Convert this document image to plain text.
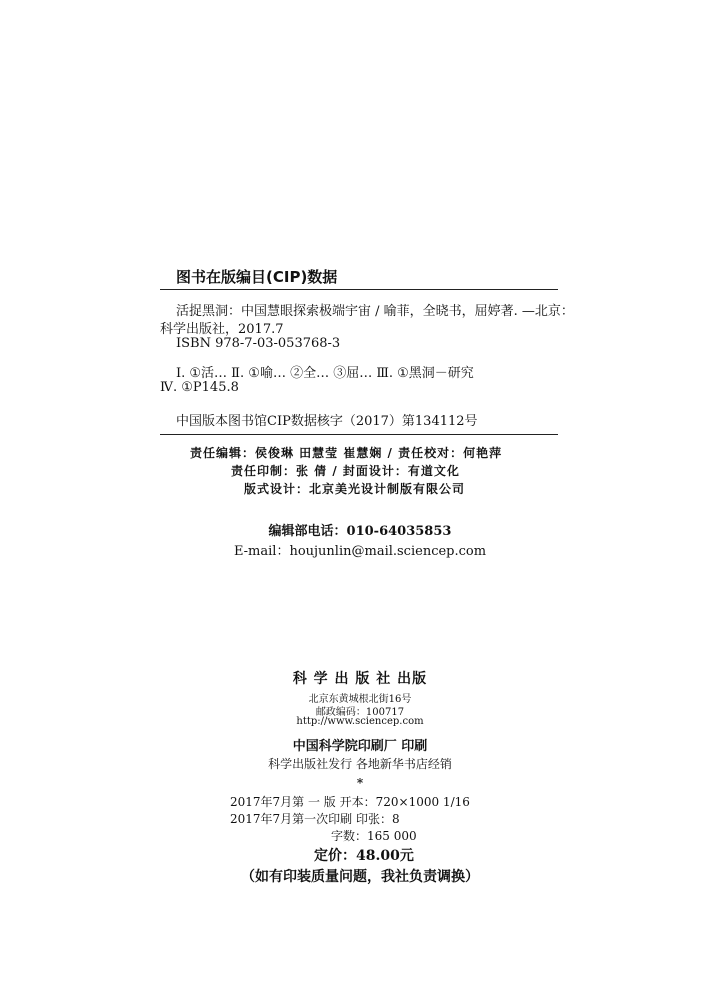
图书在版编目(CIP)数据
活捉黑洞：中国慧眼探索极端宇宙 / 喻菲，全晓书，屈婷著. —北京：
科学出版社，2017.7
ISBN 978-7-03-053768-3
Ⅰ. ①活… Ⅱ. ①喻… ②全… ③屈… Ⅲ. ①黑洞－研究
Ⅳ. ①P145.8
中国版本图书馆CIP数据核字（2017）第134112号
责任编辑：侯俊琳 田慧莹 崔慧娴 / 责任校对：何艳萍
责任印制：张 倩 / 封面设计：有道文化
版式设计：北京美光设计制版有限公司
编辑部电话：010-64035853
E-mail：houjunlin@mail.sciencep.com
科 学 出 版 社 出版
北京东黄城根北街16号
邮政编码：100717
http://www.sciencep.com
中国科学院印刷厂 印刷
科学出版社发行 各地新华书店经销
*
2017年7月第 一 版 开本：720×1000 1/16
2017年7月第一次印刷 印张：8
字数：165 000
定价：48.00元
（如有印装质量问题，我社负责调换）
